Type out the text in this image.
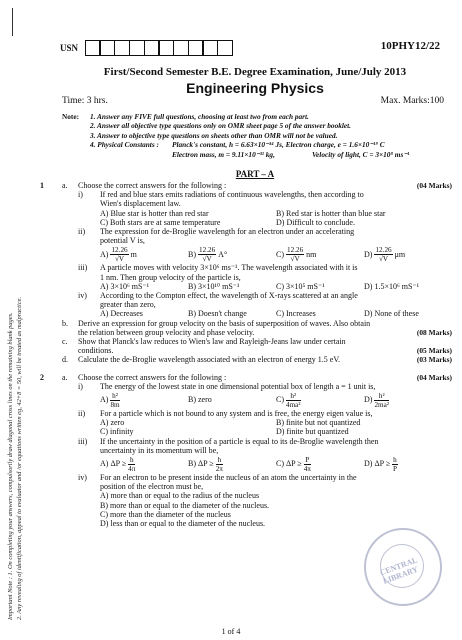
Important Note : 1. On completing your answers, compulsorily draw diagonal cross lines on the remaining blank pages. 2. Any revealing of identification, appeal to evaluator and /or equations written eg, 42+8 = 50, will be treated as malpractice.
USN	10PHY12/22
First/Second Semester B.E. Degree Examination, June/July 2013
Engineering Physics
Time: 3 hrs.	Max. Marks:100
Note:	1. Answer any FIVE full questions, choosing at least two from each part.
2. Answer all objective type questions only on OMR sheet page 5 of the answer booklet.
3. Answer to objective type questions on sheets other than OMR will not be valued.
4. Physical Constants :	Planck's constant, h = 6.63×10⁻³⁴ Js, Electron charge, e = 1.6×10⁻¹⁹ C
Electron mass, m = 9.11×10⁻³¹ kg,	Velocity of light, C = 3×10⁸ ms⁻¹
PART – A
1	a.	Choose the correct answers for the following :	(04 Marks)
i)	If red and blue stars emits radiations of continuous wavelengths, then according to
Wien's displacement law.
A) Blue star is hotter than red star	B) Red star is hotter than blue star
C) Both stars are at same temperature	D) Difficult to conclude.
ii)	The expression for de-Broglie wavelength for an electron under an accelerating
potential V is,
$A) \frac{12.26}{√V}$ m	$B) \frac{12.26}{√V} A^\circ$	$C) \frac{12.26}{√V}$ nm	$D) \frac{12.26}{√V}$ μm
iii)	A particle moves with velocity 3×10⁶ ms⁻¹. The wavelength associated with it is
1 nm. Then group velocity of the particle is,
A) 3×10⁶ mS⁻¹	B) 3×10¹⁰ mS⁻¹	C) 3×10⁵ mS⁻¹	D) 1.5×10⁶ mS⁻¹
iv)	According to the Compton effect, the wavelength of X-rays scattered at an angle
greater than zero,
A) Decreases	B) Doesn't change	C) Increases	D) None of these
b.	Derive an expression for group velocity on the basis of superposition of waves. Also obtain
the relation between group velocity and phase velocity.	(08 Marks)
c.	Show that Planck's law reduces to Wien's law and Rayleigh-Jeans law under certain
conditions.	(05 Marks)
d.	Calculate the de-Broglie wavelength associated with an electron of energy 1.5 eV.	(03 Marks)
2	a.	Choose the correct answers for the following :	(04 Marks)
i)	The energy of the lowest state in one dimensional potential box of length a = 1 unit is,
$A) \frac{\text{h²}}{8m}$	B) zero	$C) \frac{\text{h²}}{\text{4ma²}}$	$D) \frac{\text{h²}}{\text{2ma²}}$
ii)	For a particle which is not bound to any system and is free, the energy eigen value is,
A) zero	B) finite but not quantized
C) infinity	D) finite but quantized
iii)	If the uncertainty in the position of a particle is equal to its de-Broglie wavelength then
uncertainty in its momentum will be,
A) $\Delta P \ge \frac{h}{4\pi}$	B) $\Delta P \ge \frac{h}{2\pi}$	C) $\Delta P \ge \frac{P}{4\pi}$	D) $\Delta P \ge \frac{h}{P}$
iv)	For an electron to be present inside the nucleus of an atom the uncertainty in the
position of the electron must be,
A) more than or equal to the radius of the nucleus
B) more than or equal to the diameter of the nucleus.
C) more than the diameter of the nucleus
D) less than or equal to the diameter of the nucleus.
CENTRAL LIBRARY
1 of 4
